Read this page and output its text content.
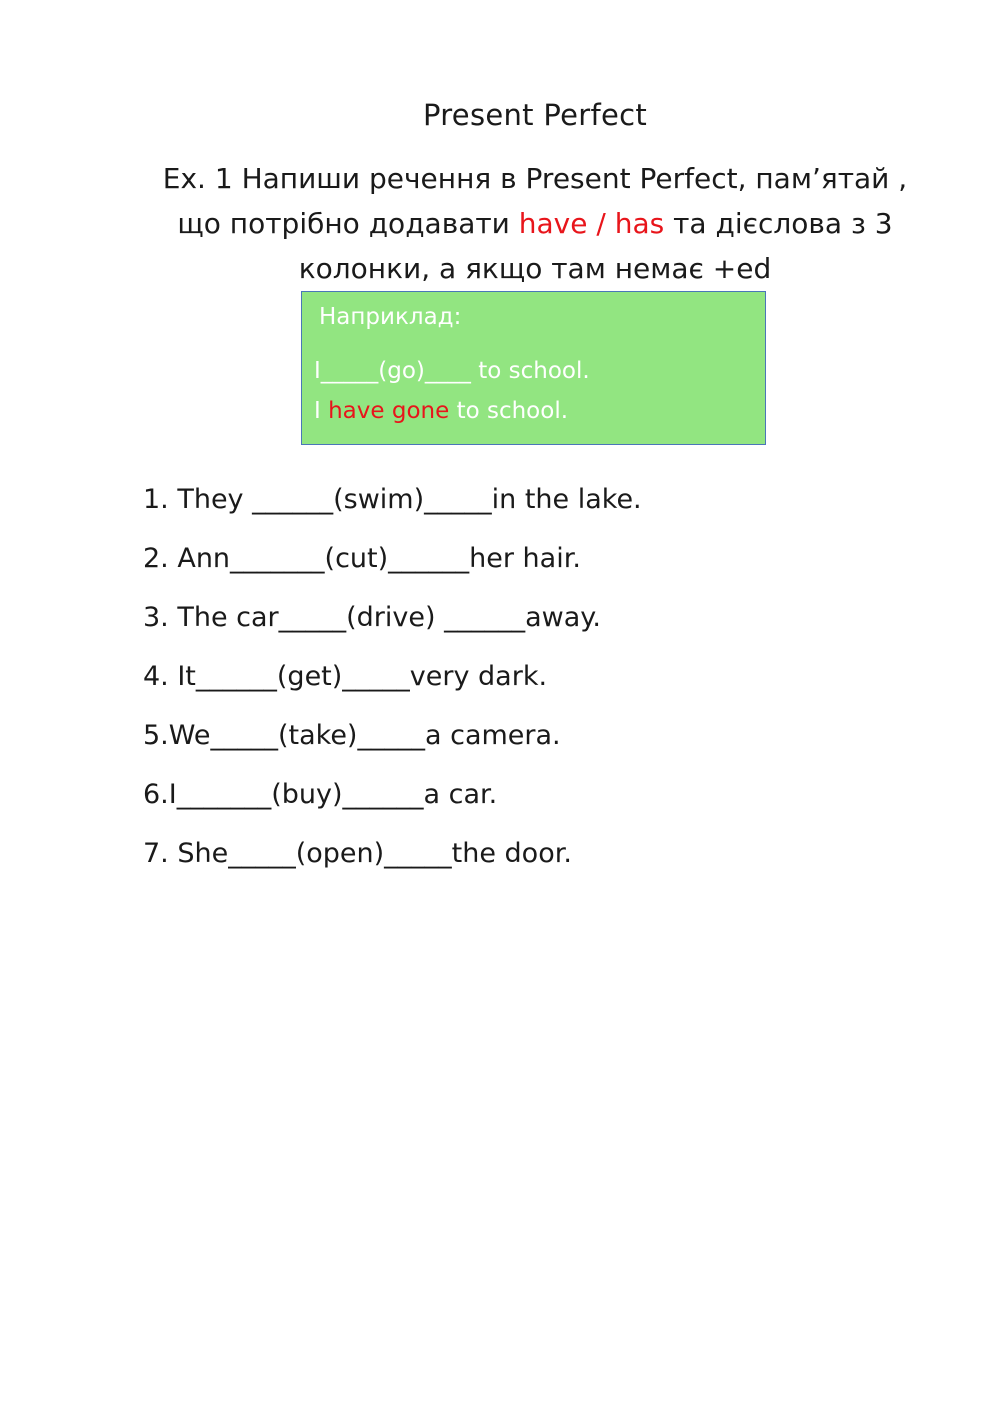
Present Perfect
Ex. 1 Напиши речення в Present Perfect, пам’ятай , що потрібно додавати have / has та дієслова з 3 колонки, а якщо там немає +ed
Наприклад:
I_____(go)____ to school.
I have gone to school.
1. They ______(swim)_____in the lake.
2. Ann_______(cut)______her hair.
3. The car_____(drive) ______away.
4. It______(get)_____very dark.
5.We_____(take)_____a camera.
6.I_______(buy)______a car.
7. She_____(open)_____the door.
